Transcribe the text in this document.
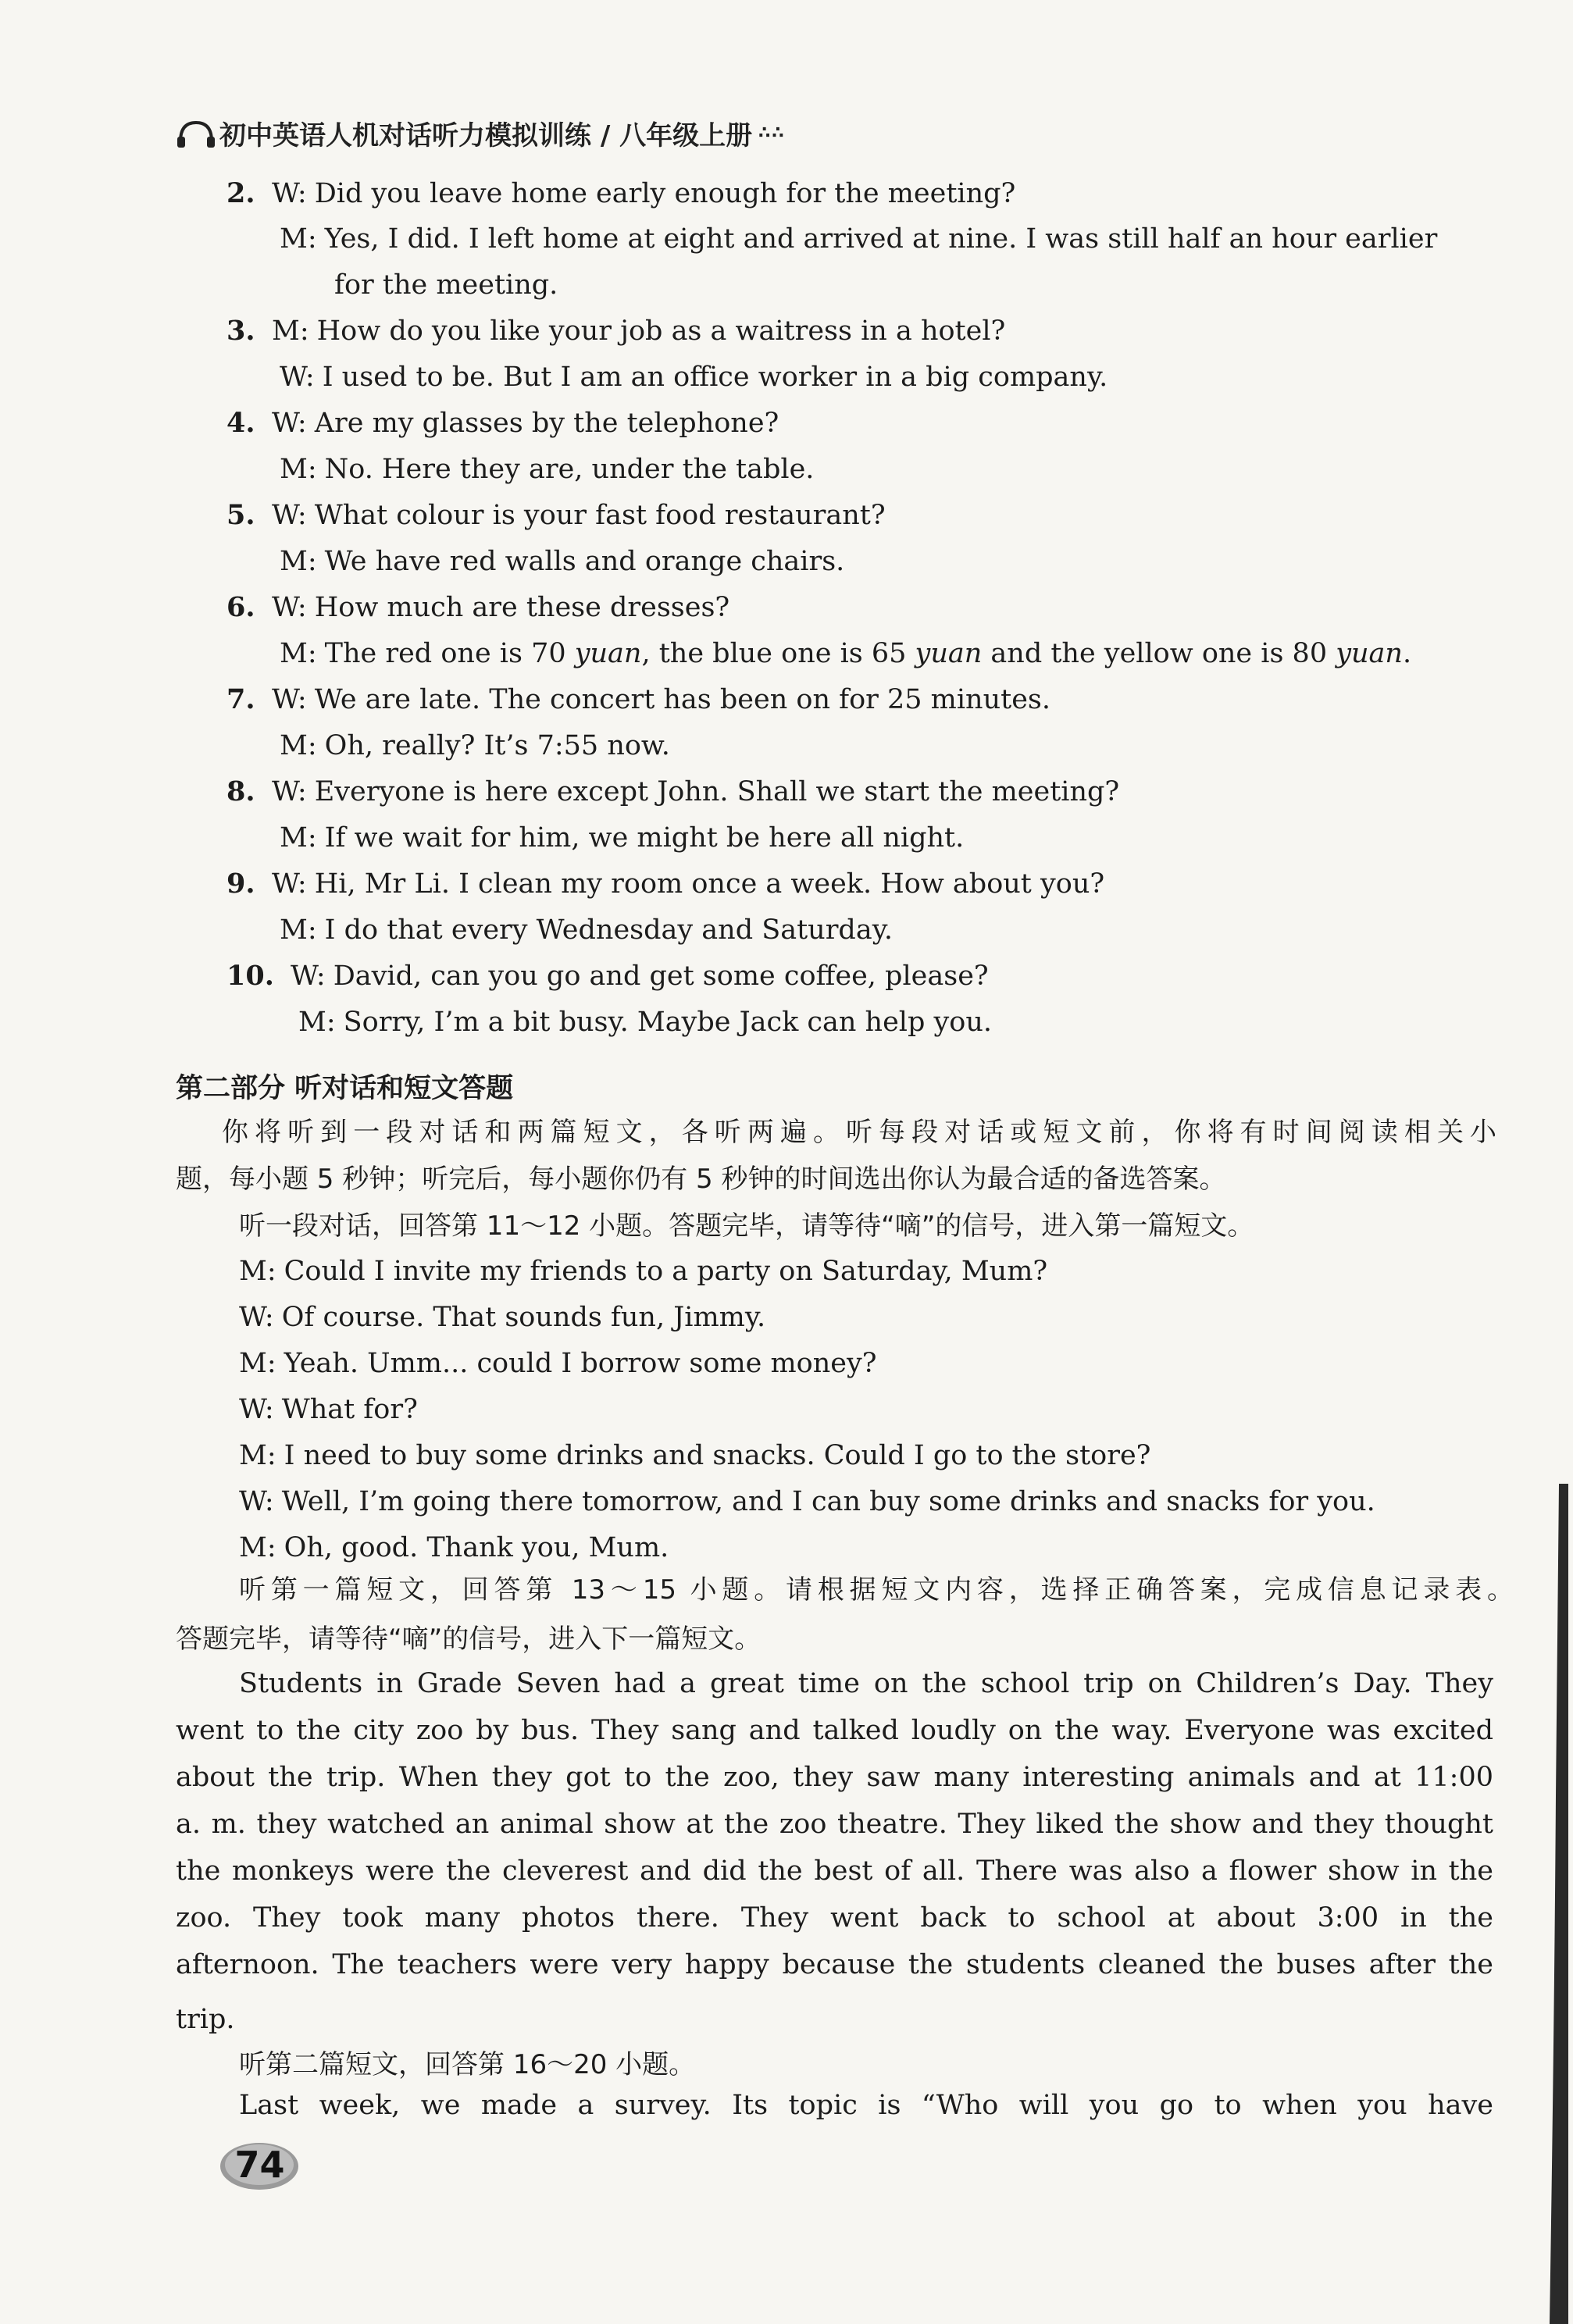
初中英语人机对话听力模拟训练 / 八年级上册 ∴∴
2. W: Did you leave home early enough for the meeting?
M: Yes, I did. I left home at eight and arrived at nine. I was still half an hour earlier
for the meeting.
3. M: How do you like your job as a waitress in a hotel?
W: I used to be. But I am an office worker in a big company.
4. W: Are my glasses by the telephone?
M: No. Here they are, under the table.
5. W: What colour is your fast food restaurant?
M: We have red walls and orange chairs.
6. W: How much are these dresses?
M: The red one is 70 yuan, the blue one is 65 yuan and the yellow one is 80 yuan.
7. W: We are late. The concert has been on for 25 minutes.
M: Oh, really? It’s 7:55 now.
8. W: Everyone is here except John. Shall we start the meeting?
M: If we wait for him, we might be here all night.
9. W: Hi, Mr Li. I clean my room once a week. How about you?
M: I do that every Wednesday and Saturday.
10. W: David, can you go and get some coffee, please?
M: Sorry, I’m a bit busy. Maybe Jack can help you.
第二部分 听对话和短文答题
你将听到一段对话和两篇短文，各听两遍。听每段对话或短文前，你将有时间阅读相关小
题，每小题 5 秒钟；听完后，每小题你仍有 5 秒钟的时间选出你认为最合适的备选答案。
听一段对话，回答第 11～12 小题。答题完毕，请等待“嘀”的信号，进入第一篇短文。
M: Could I invite my friends to a party on Saturday, Mum?
W: Of course. That sounds fun, Jimmy.
M: Yeah. Umm... could I borrow some money?
W: What for?
M: I need to buy some drinks and snacks. Could I go to the store?
W: Well, I’m going there tomorrow, and I can buy some drinks and snacks for you.
M: Oh, good. Thank you, Mum.
听第一篇短文，回答第 13～15 小题。请根据短文内容，选择正确答案，完成信息记录表。
答题完毕，请等待“嘀”的信号，进入下一篇短文。
Students in Grade Seven had a great time on the school trip on Children’s Day. They
went to the city zoo by bus. They sang and talked loudly on the way. Everyone was excited
about the trip. When they got to the zoo, they saw many interesting animals and at 11:00
a. m. they watched an animal show at the zoo theatre. They liked the show and they thought
the monkeys were the cleverest and did the best of all. There was also a flower show in the
zoo. They took many photos there. They went back to school at about 3:00 in the
afternoon. The teachers were very happy because the students cleaned the buses after the
trip.
听第二篇短文，回答第 16～20 小题。
Last week, we made a survey. Its topic is “Who will you go to when you have
74
